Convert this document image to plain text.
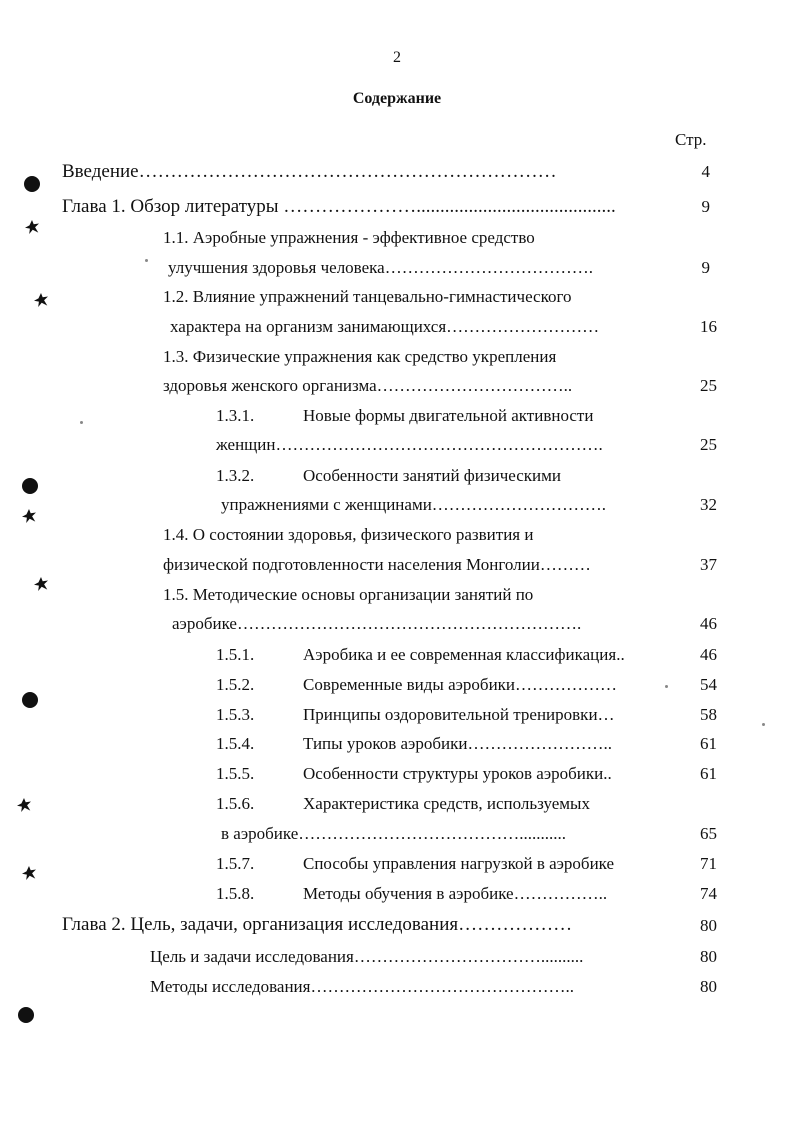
2
Содержание
Стр.
Введение…………………………………………………………	4
Глава 1. Обзор литературы …………………..........................................	9
1.1. Аэробные упражнения - эффективное средство
улучшения здоровья человека……………………………….	9
1.2. Влияние упражнений танцевально-гимнастического
характера на организм занимающихся………………………	16
1.3. Физические упражнения как средство укрепления
здоровья женского организма……………………………..	25
1.3.1.	Новые формы двигательной активности
женщин………………………………………………….	25
1.3.2.	Особенности занятий физическими
упражнениями с женщинами………………………….	32
1.4. О состоянии здоровья, физического развития и
физической подготовленности населения Монголии………	37
1.5. Методические основы организации занятий по
аэробике…………………………………………………….	46
1.5.1.	Аэробика и ее современная классификация..	46
1.5.2.	Современные виды аэробики………………	54
1.5.3.	Принципы оздоровительной тренировки…	58
1.5.4.	Типы уроков аэробики……………………..	61
1.5.5.	Особенности структуры уроков аэробики..	61
1.5.6.	Характеристика средств, используемых
в аэробике…………………………………...........	65
1.5.7.	Способы управления нагрузкой в аэробике	71
1.5.8.	Методы обучения в аэробике……………..	74
Глава 2. Цель, задачи, организация исследования………………	80
Цель и задачи исследования……………………………..........	80
Методы исследования………………………………………..	80
